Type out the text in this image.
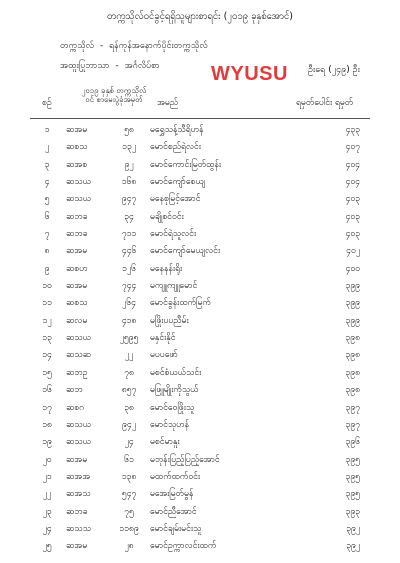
တက္ကသိုလ်ဝင်ခွင့်ရရှိသူများစာရင်း (၂၀၁၉ ခုနှစ်အောင်)
တက္ကသိုလ် - ရန်ကုန်အနောက်ပိုင်းတက္ကသိုလ်
အထူးပြုဘာသာ - အင်္ဂလိပ်စာ	WYUSU ဦးရေ (၂၄၉) ဦး
စဉ်
၂၀၁၉ ခုနှစ် တက္ကသိုလ်ဝင် စာမေးပွဲခုံအမှတ်	အမည်	ရမှတ်ပေါင်း ရမှတ်
၁	ဆအမ	၅၈	မရွှေသန့်သီရိဟန်	၄၃၃
၂	ဆစသ	၁၃၂	မောင်စည်ရဲလင်း	၄၀၇
၃	ဆအစ	၉၂	မောင်ကောင်းမြတ်ထွန်း	၄၀၄
၄	ဆသယ	၁၆၈	မောင်ကျော်စေယျ	၄၀၄
၅	ဆသယ	၉၄၇	မနေစုမြင့်အောင်	၄၀၃
၆	ဆဘခ	၃၄	မချိုစင်ဝင်း	၄၀၃
၇	ဆဘခ	၇၁၁	မောင်ရဲသူလင်း	၄၀၃
၈	ဆအမ	၄၄၆	မောင်ကျော်မေယျလင်း	၄၀၂
၉	ဆစဟ	၁၂၆	မနေနန်းရိုး	၄၀၀
၁၀	ဆအမ	၇၄၄	မကျူကျူမောင်	၃၉၉
၁၁	ဆစသ	၂၆၄	မောင်ခွန်းထက်မြက်	၃၉၉
၁၂	ဆလမ	၄၁၈	မဖြိုးပပညီမ်း	၃၉၉
၁၃	ဆသယ	၂၅၉၅	မနှင်းနိုင်	၃၉၈
၁၄	ဆသဆ	၂၂	မပပဖော်	၃၉၈
၁၅	ဆဘဥ	၇၈	မစင်စံယယ်သင်း	၃၉၈
၁၆	ဆဘ	၈၅၇	မဖြူမျိုးကိုသွယ်	၃၉၈
၁၇	ဆစဂ	၃၈	မောင်ဝေဖြိုးသူ	၃၉၇
၁၈	ဆသယ	၉၄၂	မောင်သုဟန်	၃၉၇
၁၉	ဆသယ	၂၄	မစင်မာနူး	၃၉၆
၂၀	ဆအမ	၆၁	မဘုန်းပြည့်ပြည့်အောင်	၃၉၅
၂၁	ဆအအ	၁၃၈	မထက်ထက်ဝင်း	၃၉၅
၂၂	ဆအသ	၅၄၇	မအေးမြတ်မွန်	၃၉၅
၂၃	ဆဘခ	၇၅	မောင်ညီအောင်	၃၉၃
၂၄	ဆသသ	၁၁၈၉	မောင်ချမ်းမင်းသူ	၃၉၂
၂၅	ဆအမ	၂၈	မောင်ဥက္ကာလင်းထက်	၃၉၂
